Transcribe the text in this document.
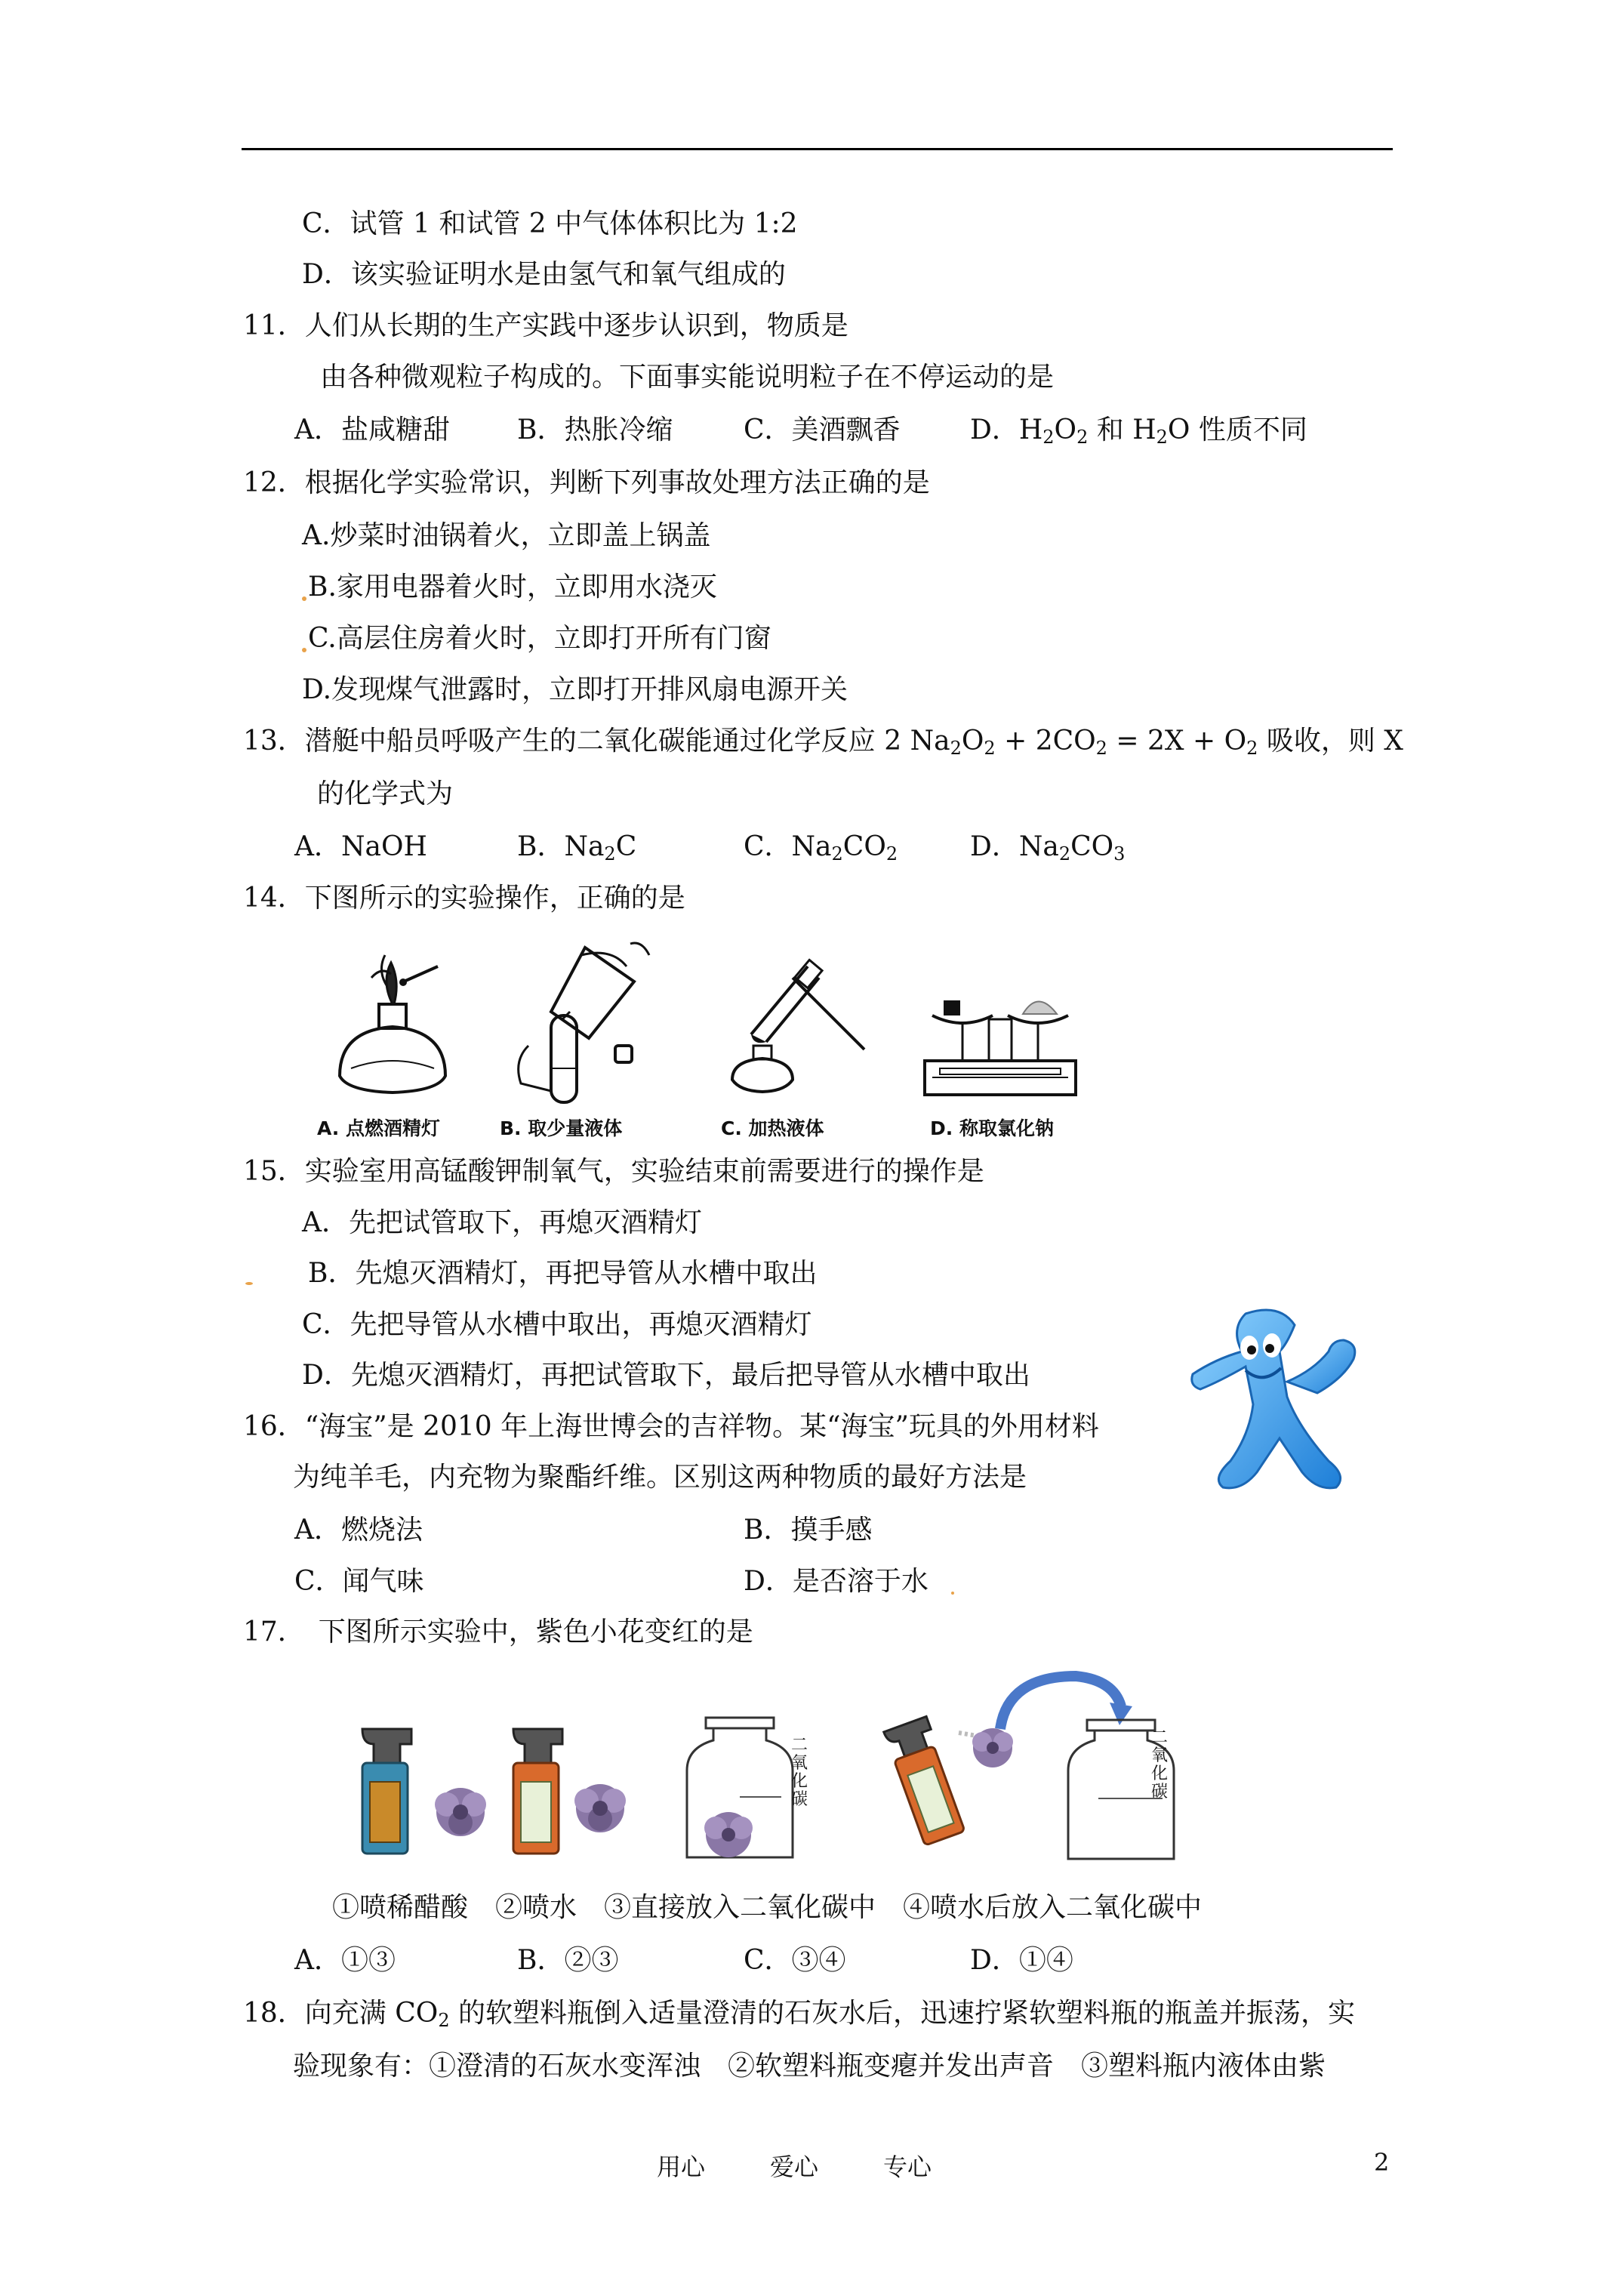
C．试管 1 和试管 2 中气体体积比为 1:2
D．该实验证明水是由氢气和氧气组成的
11．人们从长期的生产实践中逐步认识到，物质是
由各种微观粒子构成的。下面事实能说明粒子在不停运动的是
A．盐咸糖甜 B．热胀冷缩	C．美酒飘香	D．$H_2O_2$ 和 $H_2O$ 性质不同
12．根据化学实验常识，判断下列事故处理方法正确的是
A.炒菜时油锅着火，立即盖上锅盖
B.家用电器着火时，立即用水浇灭
C.高层住房着火时，立即打开所有门窗
D.发现煤气泄露时，立即打开排风扇电源开关
13．潜艇中船员呼吸产生的二氧化碳能通过化学反应 2 $Na_2O_2 + 2CO_2 = 2X + O_2$ 吸收，则 X
的化学式为
A．NaOH	B．$Na_2C$	C．$Na_2CO_2$	D．$Na_2CO_3$
14．下图所示的实验操作，正确的是
A. 点燃酒精灯	B. 取少量液体	C. 加热液体	D. 称取氯化钠
15．实验室用高锰酸钾制氧气，实验结束前需要进行的操作是
A．先把试管取下，再熄灭酒精灯
B．先熄灭酒精灯，再把导管从水槽中取出
C．先把导管从水槽中取出，再熄灭酒精灯
D．先熄灭酒精灯，再把试管取下，最后把导管从水槽中取出
16．“海宝”是 2010 年上海世博会的吉祥物。某“海宝”玩具的外用材料
为纯羊毛，内充物为聚酯纤维。区别这两种物质的最好方法是
A．燃烧法	B．摸手感
C．闻气味	D．是否溶于水
17．　下图所示实验中，紫色小花变红的是
二氧化碳
二氧化碳
①喷稀醋酸　②喷水　③直接放入二氧化碳中　④喷水后放入二氧化碳中
A．①③	B．②③	C．③④	D．①④
18．向充满 $CO_2$ 的软塑料瓶倒入适量澄清的石灰水后，迅速拧紧软塑料瓶的瓶盖并振荡，实
验现象有：①澄清的石灰水变浑浊　②软塑料瓶变瘪并发出声音　③塑料瓶内液体由紫
用心	爱心	专心	2
